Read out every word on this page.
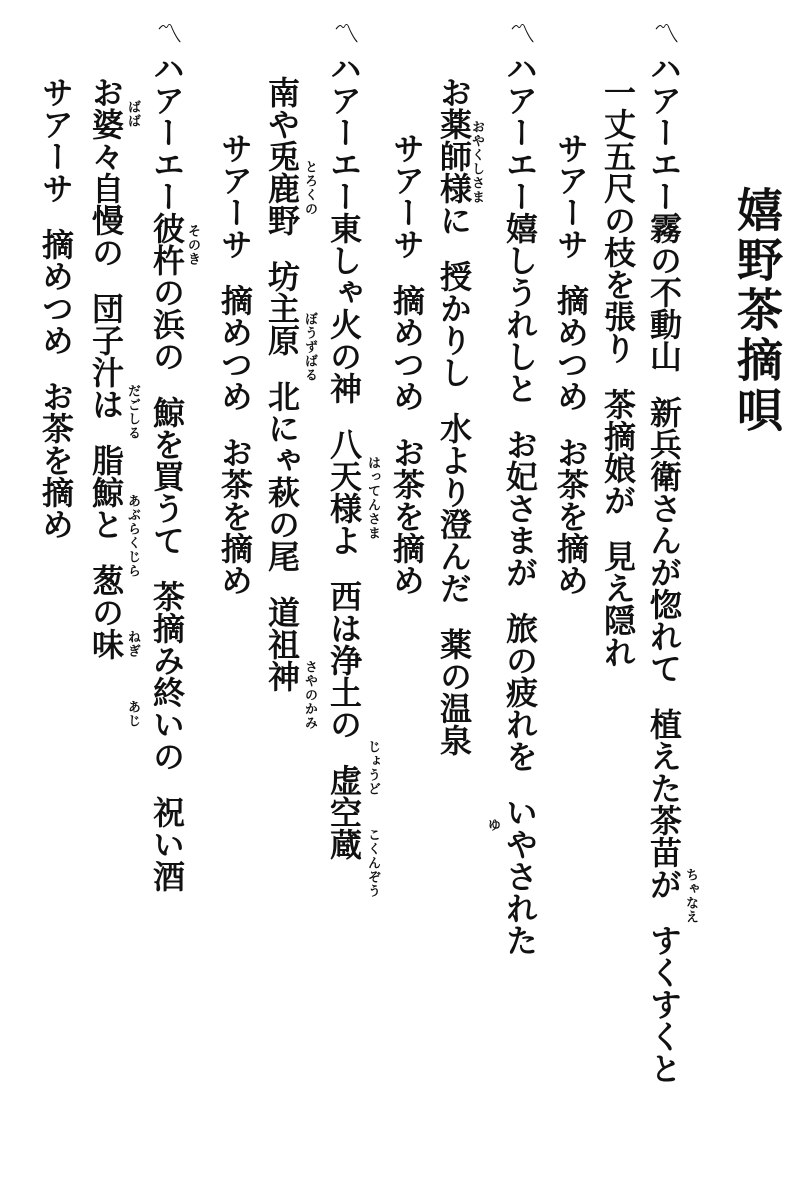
嬉野茶摘唄
〽ハアーエー霧の不動山新兵衛さんが惚れて植えた茶苗がすくすくと
一丈五尺の枝を張り茶摘娘が見え隠れ
サアーサ摘めつめお茶を摘め
〽ハアーエー嬉しうれしとお妃さまが旅の疲れをいやされた
お薬師様に授かりし水より澄んだ薬の温泉
サアーサ摘めつめお茶を摘め
〽ハアーエー東しゃ火の神八天様よ西は浄土の虚空蔵
南や兎鹿野坊主原北にゃ萩の尾道祖神
サアーサ摘めつめお茶を摘め
〽ハアーエー彼杵の浜の鯨を買うて茶摘み終いの祝い酒
お婆々自慢の団子汁は脂鯨と葱の味
サアーサ摘めつめお茶を摘め
ちゃなえ
ゆ
おやくしさま
はってんさま
じょうど
こくんぞう
とろくの
ぼうずばる
さやのかみ
そのき
ばば
だごしる
あぶらくじら
ねぎ
あじ
